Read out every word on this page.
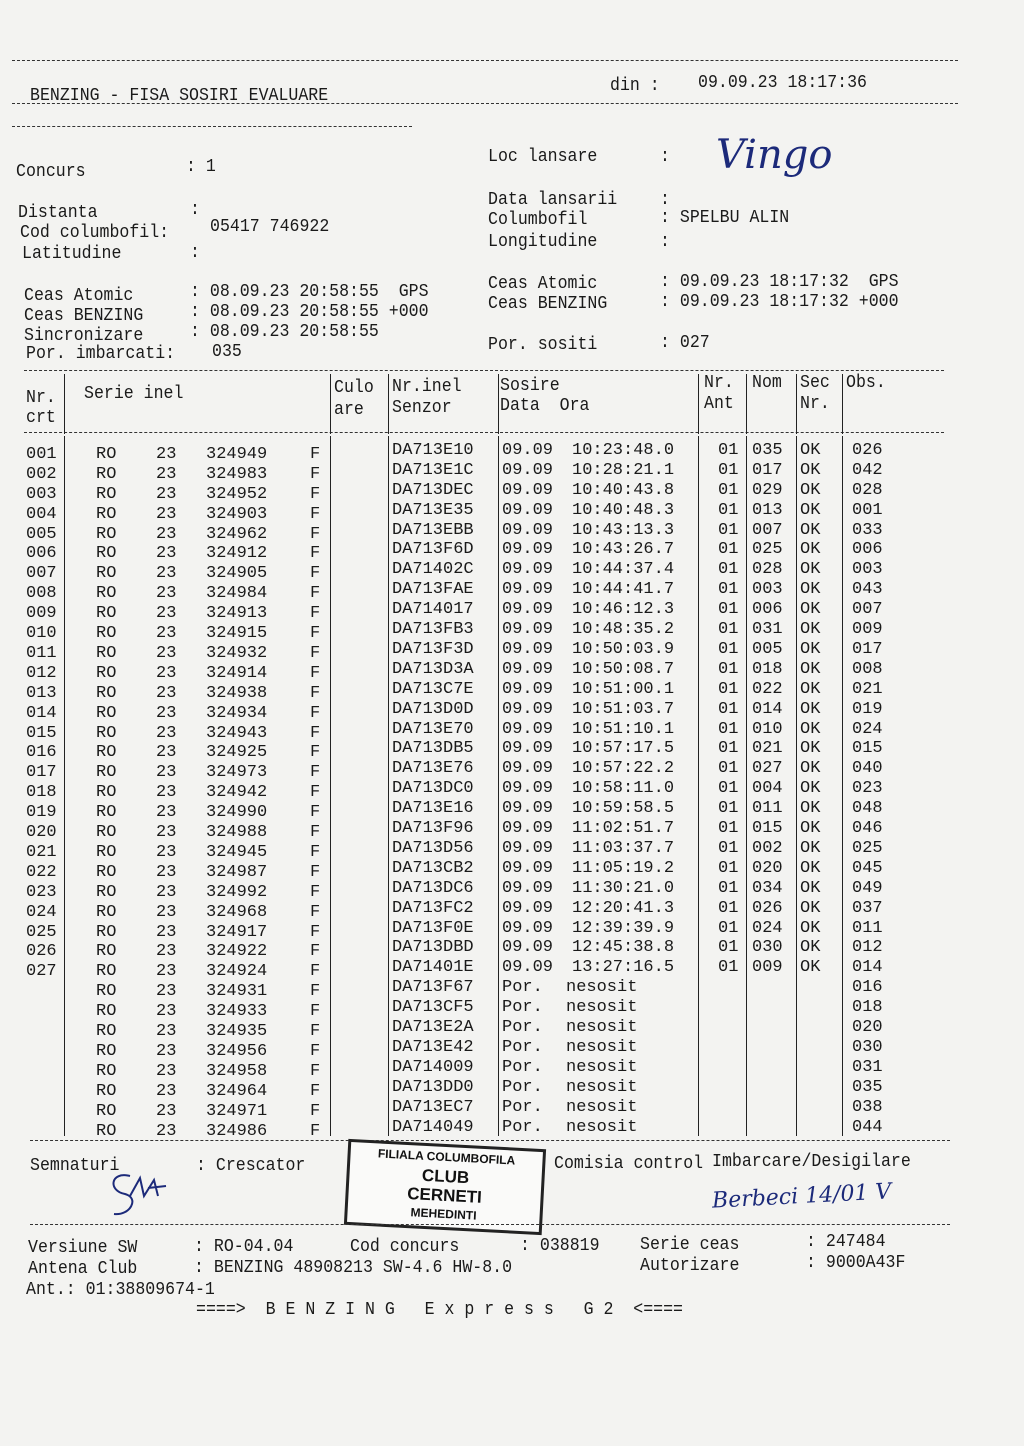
BENZING - FISA SOSIRI EVALUARE	din : 09.09.23 18:17:36
Concurs	: 1
Distanta	:
Cod columbofil: 05417 746922
Latitudine	:
Loc lansare	: Vingo
Data lansarii :
Columbofil	: SPELBU ALIN
Longitudine	:
Ceas Atomic	: 08.09.23 20:58:55  GPS
Ceas BENZING	: 08.09.23 20:58:55 +000
Sincronizare	: 08.09.23 20:58:55
Por. imbarcati: 035
Ceas Atomic	: 09.09.23 18:17:32  GPS
Ceas BENZING	: 09.09.23 18:17:32 +000
Por. sositi	: 027
Nr.
crt
Serie inel	Culo
are
Nr.inel
Senzor
Sosire
Data  Ora
Nr.
Ant
Nom Sec
Nr.
Obs.
001 RO 23 324949	F	DA713E10 09.09 10:23:48.0	01 035 OK 026
002 RO 23 324983	F	DA713E1C 09.09 10:28:21.1	01 017 OK 042
003 RO 23 324952	F	DA713DEC 09.09 10:40:43.8	01 029 OK 028
004 RO 23 324903	F	DA713E35 09.09 10:40:48.3	01 013 OK 001
005 RO 23 324962	F	DA713EBB 09.09 10:43:13.3	01 007 OK 033
006 RO 23 324912	F	DA713F6D 09.09 10:43:26.7	01 025 OK 006
007 RO 23 324905	F	DA71402C 09.09 10:44:37.4	01 028 OK 003
008 RO 23 324984	F	DA713FAE 09.09 10:44:41.7	01 003 OK 043
009 RO 23 324913	F	DA714017 09.09 10:46:12.3	01 006 OK 007
010 RO 23 324915	F	DA713FB3 09.09 10:48:35.2	01 031 OK 009
011 RO 23 324932	F	DA713F3D 09.09 10:50:03.9	01 005 OK 017
012 RO 23 324914	F	DA713D3A 09.09 10:50:08.7	01 018 OK 008
013 RO 23 324938	F	DA713C7E 09.09 10:51:00.1	01 022 OK 021
014 RO 23 324934	F	DA713D0D 09.09 10:51:03.7	01 014 OK 019
015 RO 23 324943	F	DA713E70 09.09 10:51:10.1	01 010 OK 024
016 RO 23 324925	F	DA713DB5 09.09 10:57:17.5	01 021 OK 015
017 RO 23 324973	F	DA713E76 09.09 10:57:22.2	01 027 OK 040
018 RO 23 324942	F	DA713DC0 09.09 10:58:11.0	01 004 OK 023
019 RO 23 324990	F	DA713E16 09.09 10:59:58.5	01 011 OK 048
020 RO 23 324988	F	DA713F96 09.09 11:02:51.7	01 015 OK 046
021 RO 23 324945	F	DA713D56 09.09 11:03:37.7	01 002 OK 025
022 RO 23 324987	F	DA713CB2 09.09 11:05:19.2	01 020 OK 045
023 RO 23 324992	F	DA713DC6 09.09 11:30:21.0	01 034 OK 049
024 RO 23 324968	F	DA713FC2 09.09 12:20:41.3	01 026 OK 037
025 RO 23 324917	F	DA713F0E 09.09 12:39:39.9	01 024 OK 011
026 RO 23 324922	F	DA713DBD 09.09 12:45:38.8	01 030 OK 012
027 RO 23 324924	F	DA71401E 09.09 13:27:16.5	01 009 OK 014
RO 23 324931	F	DA713F67 Por. nesosit	016
RO 23 324933	F	DA713CF5 Por. nesosit	018
RO 23 324935	F	DA713E2A Por. nesosit	020
RO 23 324956	F	DA713E42 Por. nesosit	030
RO 23 324958	F	DA714009 Por. nesosit	031
RO 23 324964	F	DA713DD0 Por. nesosit	035
RO 23 324971	F	DA713EC7 Por. nesosit	038
RO 23 324986	F	DA714049 Por. nesosit	044
Semnaturi	: Crescator	Comisia control Imbarcare/Desigilare
Berbeci 14/01 V
FILIALA COLUMBOFILA
CLUB
CERNETI
MEHEDINTI
Versiune SW	: RO-04.04	Cod concurs	: 038819 Serie ceas	: 247484
Antena Club	: BENZING 48908213 SW-4.6 HW-8.0	Autorizare	: 9000A43F
Ant.: 01:38809674-1
====>  B E N Z I N G   E x p r e s s   G 2  <====
